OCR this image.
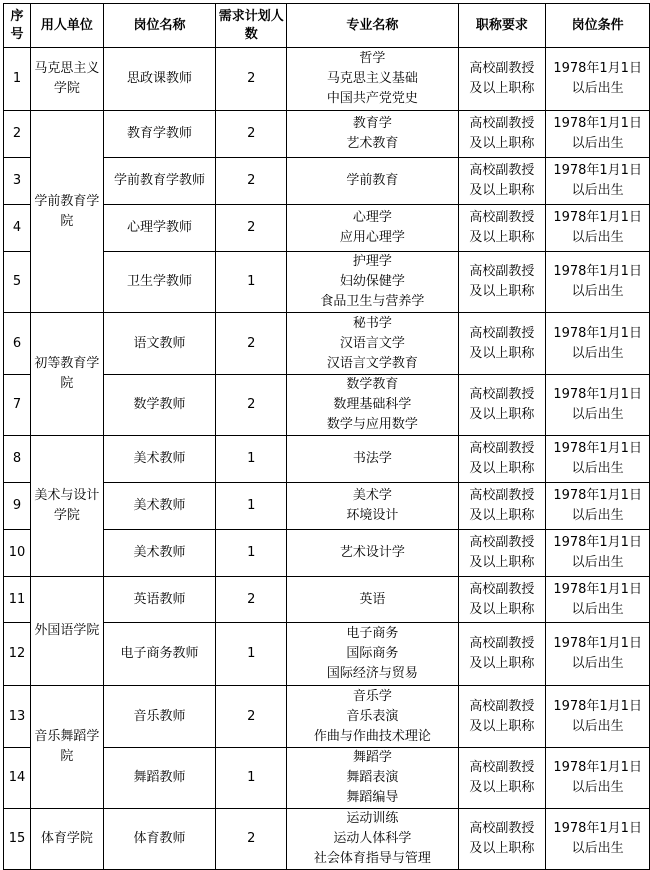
序号	用人单位	岗位名称	需求计划人数	专业名称	职称要求	岗位条件
1	马克思主义学院	思政课教师	2	哲学
马克思主义基础
中国共产党党史	高校副教授
及以上职称	1978年1月1日
以后出生

2	学前教育学院	教育学教师	2	教育学
艺术教育	高校副教授
及以上职称	1978年1月1日
以后出生

3		学前教育学教师	2	学前教育	高校副教授
及以上职称	1978年1月1日
以后出生

4		心理学教师	2	心理学
应用心理学	高校副教授
及以上职称	1978年1月1日
以后出生

5		卫生学教师	1	护理学
妇幼保健学
食品卫生与营养学	高校副教授
及以上职称	1978年1月1日
以后出生

6	初等教育学院	语文教师	2	秘书学
汉语言文学
汉语言文学教育	高校副教授
及以上职称	1978年1月1日
以后出生

7		数学教师	2	数学教育
数理基础科学
数学与应用数学	高校副教授
及以上职称	1978年1月1日
以后出生

8	美术与设计学院	美术教师	1	书法学	高校副教授
及以上职称	1978年1月1日
以后出生

9		美术教师	1	美术学
环境设计	高校副教授
及以上职称	1978年1月1日
以后出生

10		美术教师	1	艺术设计学	高校副教授
及以上职称	1978年1月1日
以后出生

11	外国语学院	英语教师	2	英语	高校副教授
及以上职称	1978年1月1日
以后出生

12		电子商务教师	1	电子商务
国际商务
国际经济与贸易	高校副教授
及以上职称	1978年1月1日
以后出生

13	音乐舞蹈学院	音乐教师	2	音乐学
音乐表演
作曲与作曲技术理论	高校副教授
及以上职称	1978年1月1日
以后出生

14		舞蹈教师	1	舞蹈学
舞蹈表演
舞蹈编导	高校副教授
及以上职称	1978年1月1日
以后出生

15	体育学院	体育教师	2	运动训练
运动人体科学
社会体育指导与管理	高校副教授
及以上职称	1978年1月1日
以后出生
